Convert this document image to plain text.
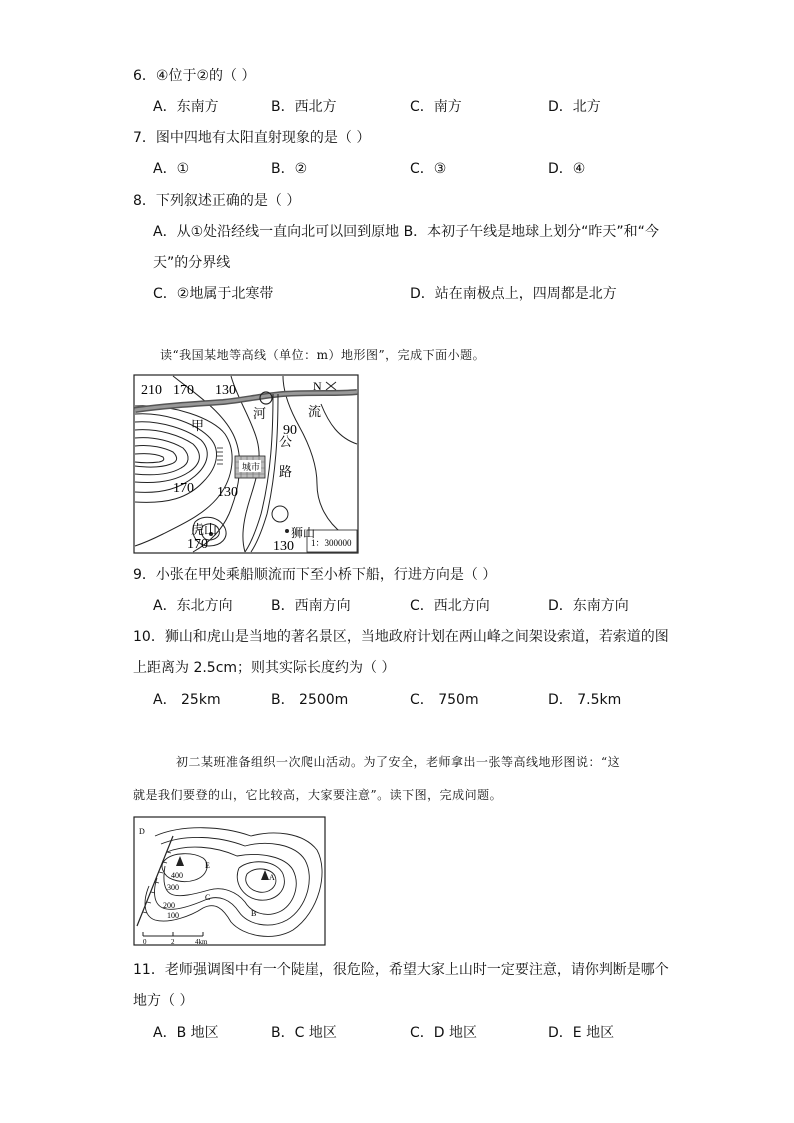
6．④位于②的（ ）
A．东南方	B．西北方	C．南方	D．北方
7．图中四地有太阳直射现象的是（ ）
A．①	B．②	C．③	D．④
8．下列叙述正确的是（ ）
A．从①处沿经线一直向北可以回到原地 B．本初子午线是地球上划分“昨天”和“今
天”的分界线
C．②地属于北寒带	D．站在南极点上，四周都是北方
读“我国某地等高线（单位：m）地形图”，完成下面小题。
210 170 130	N
河	流
甲	90
公
路
城市
170 130
虎山	狮山
170	130 1：300000
9．小张在甲处乘船顺流而下至小桥下船，行进方向是（ ）
A．东北方向	B．西南方向	C．西北方向	D．东南方向
10．狮山和虎山是当地的著名景区，当地政府计划在两山峰之间架设索道，若索道的图
上距离为 2.5cm；则其实际长度约为（ ）
A． 25km	B． 2500m	C． 750m	D． 7.5km
初二某班准备组织一次爬山活动。为了安全，老师拿出一张等高线地形图说：“这
就是我们要登的山，它比较高，大家要注意”。读下图，完成问题。
D
E
A
B
C
400
300
200
100
0	2	4km
11．老师强调图中有一个陡崖，很危险，希望大家上山时一定要注意，请你判断是哪个
地方（ ）
A．B 地区	B．C 地区	C．D 地区	D．E 地区
